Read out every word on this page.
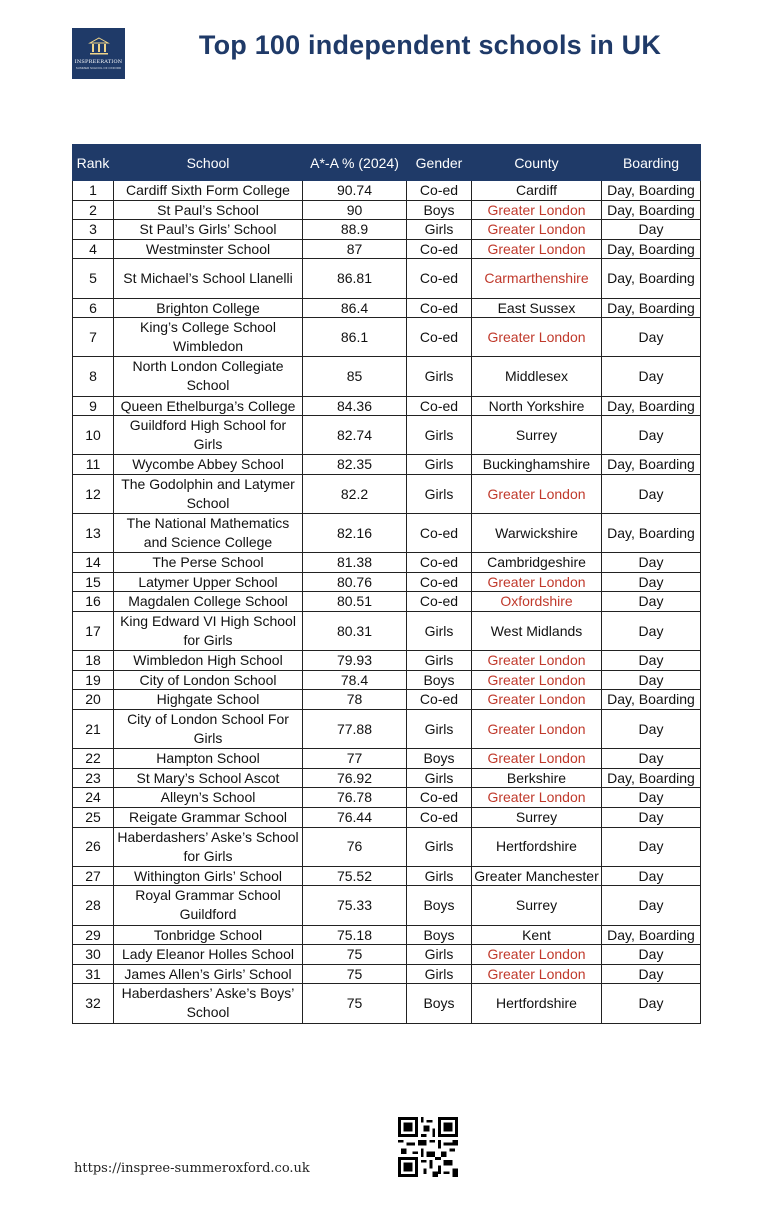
INSPREERATION
SUMMER SCHOOL OF OXFORD
Top 100 independent schools in UK
Rank	School	A*-A % (2024)	Gender	County	Boarding
1	Cardiff Sixth Form College	90.74	Co-ed	Cardiff	Day, Boarding
2	St Paul’s School	90	Boys	Greater London	Day, Boarding
3	St Paul’s Girls’ School	88.9	Girls	Greater London	Day
4	Westminster School	87	Co-ed	Greater London	Day, Boarding
5	St Michael’s School Llanelli	86.81	Co-ed	Carmarthenshire	Day, Boarding
6	Brighton College	86.4	Co-ed	East Sussex	Day, Boarding
7	King’s College School Wimbledon	86.1	Co-ed	Greater London	Day
8	North London Collegiate School	85	Girls	Middlesex	Day
9	Queen Ethelburga’s College	84.36	Co-ed	North Yorkshire	Day, Boarding
10	Guildford High School for Girls	82.74	Girls	Surrey	Day
11	Wycombe Abbey School	82.35	Girls	Buckinghamshire	Day, Boarding
12	The Godolphin and Latymer School	82.2	Girls	Greater London	Day
13	The National Mathematics and Science College	82.16	Co-ed	Warwickshire	Day, Boarding
14	The Perse School	81.38	Co-ed	Cambridgeshire	Day
15	Latymer Upper School	80.76	Co-ed	Greater London	Day
16	Magdalen College School	80.51	Co-ed	Oxfordshire	Day
17	King Edward VI High School for Girls	80.31	Girls	West Midlands	Day
18	Wimbledon High School	79.93	Girls	Greater London	Day
19	City of London School	78.4	Boys	Greater London	Day
20	Highgate School	78	Co-ed	Greater London	Day, Boarding
21	City of London School For Girls	77.88	Girls	Greater London	Day
22	Hampton School	77	Boys	Greater London	Day
23	St Mary’s School Ascot	76.92	Girls	Berkshire	Day, Boarding
24	Alleyn’s School	76.78	Co-ed	Greater London	Day
25	Reigate Grammar School	76.44	Co-ed	Surrey	Day
26	Haberdashers’ Aske’s School for Girls	76	Girls	Hertfordshire	Day
27	Withington Girls’ School	75.52	Girls	Greater Manchester	Day
28	Royal Grammar School Guildford	75.33	Boys	Surrey	Day
29	Tonbridge School	75.18	Boys	Kent	Day, Boarding
30	Lady Eleanor Holles School	75	Girls	Greater London	Day
31	James Allen’s Girls’ School	75	Girls	Greater London	Day
32	Haberdashers’ Aske’s Boys’ School	75	Boys	Hertfordshire	Day
https://inspree-summeroxford.co.uk
